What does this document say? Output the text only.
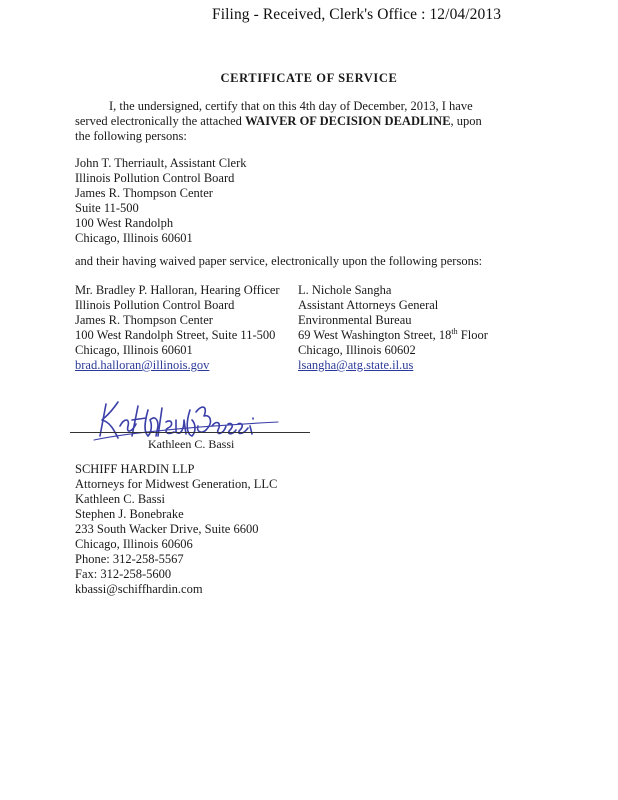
Filing - Received, Clerk's Office : 12/04/2013
CERTIFICATE OF SERVICE
I, the undersigned, certify that on this 4th day of December, 2013, I have served electronically the attached WAIVER OF DECISION DEADLINE, upon the following persons:
John T. Therriault, Assistant Clerk
Illinois Pollution Control Board
James R. Thompson Center
Suite 11-500
100 West Randolph
Chicago, Illinois 60601
and their having waived paper service, electronically upon the following persons:
Mr. Bradley P. Halloran, Hearing Officer
Illinois Pollution Control Board
James R. Thompson Center
100 West Randolph Street, Suite 11-500
Chicago, Illinois 60601
brad.halloran@illinois.gov
L. Nichole Sangha
Assistant Attorneys General
Environmental Bureau
69 West Washington Street, 18th Floor
Chicago, Illinois 60602
lsangha@atg.state.il.us
Kathleen C. Bassi
SCHIFF HARDIN LLP
Attorneys for Midwest Generation, LLC
Kathleen C. Bassi
Stephen J. Bonebrake
233 South Wacker Drive, Suite 6600
Chicago, Illinois 60606
Phone: 312-258-5567
Fax: 312-258-5600
kbassi@schiffhardin.com
